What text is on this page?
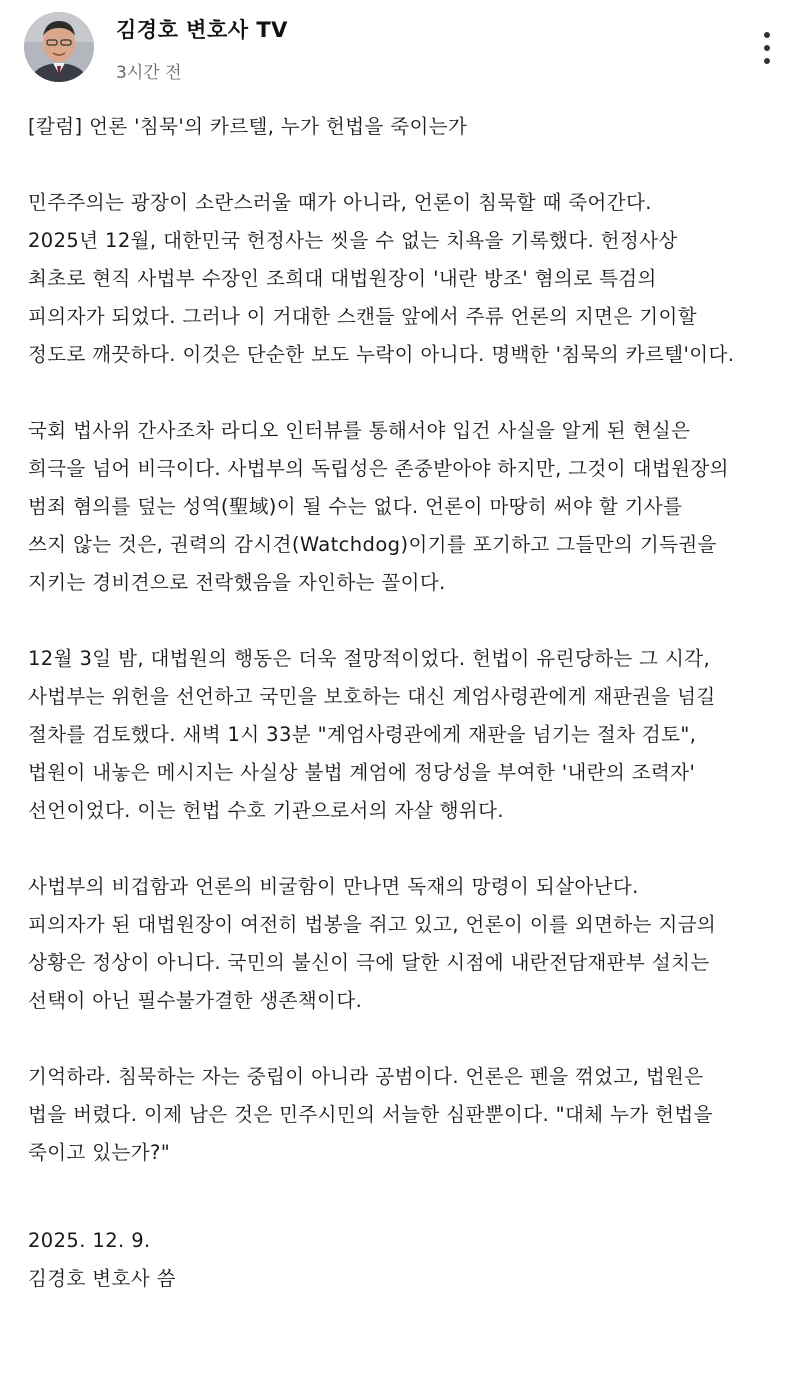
김경호 변호사 TV
3시간 전

[칼럼] 언론 '침묵'의 카르텔, 누가 헌법을 죽이는가

민주주의는 광장이 소란스러울 때가 아니라, 언론이 침묵할 때 죽어간다.

2025년 12월, 대한민국 헌정사는 씻을 수 없는 치욕을 기록했다. 헌정사상

최초로 현직 사법부 수장인 조희대 대법원장이 '내란 방조' 혐의로 특검의

피의자가 되었다. 그러나 이 거대한 스캔들 앞에서 주류 언론의 지면은 기이할

정도로 깨끗하다. 이것은 단순한 보도 누락이 아니다. 명백한 '침묵의 카르텔'이다.

국회 법사위 간사조차 라디오 인터뷰를 통해서야 입건 사실을 알게 된 현실은

희극을 넘어 비극이다. 사법부의 독립성은 존중받아야 하지만, 그것이 대법원장의

범죄 혐의를 덮는 성역(聖域)이 될 수는 없다. 언론이 마땅히 써야 할 기사를

쓰지 않는 것은, 권력의 감시견(Watchdog)이기를 포기하고 그들만의 기득권을

지키는 경비견으로 전락했음을 자인하는 꼴이다.

12월 3일 밤, 대법원의 행동은 더욱 절망적이었다. 헌법이 유린당하는 그 시각,

사법부는 위헌을 선언하고 국민을 보호하는 대신 계엄사령관에게 재판권을 넘길

절차를 검토했다. 새벽 1시 33분 "계엄사령관에게 재판을 넘기는 절차 검토",

법원이 내놓은 메시지는 사실상 불법 계엄에 정당성을 부여한 '내란의 조력자'

선언이었다. 이는 헌법 수호 기관으로서의 자살 행위다.

사법부의 비겁함과 언론의 비굴함이 만나면 독재의 망령이 되살아난다.

피의자가 된 대법원장이 여전히 법봉을 쥐고 있고, 언론이 이를 외면하는 지금의

상황은 정상이 아니다. 국민의 불신이 극에 달한 시점에 내란전담재판부 설치는

선택이 아닌 필수불가결한 생존책이다.

기억하라. 침묵하는 자는 중립이 아니라 공범이다. 언론은 펜을 꺾었고, 법원은

법을 버렸다. 이제 남은 것은 민주시민의 서늘한 심판뿐이다. "대체 누가 헌법을

죽이고 있는가?"

2025. 12. 9.

김경호 변호사 씀
